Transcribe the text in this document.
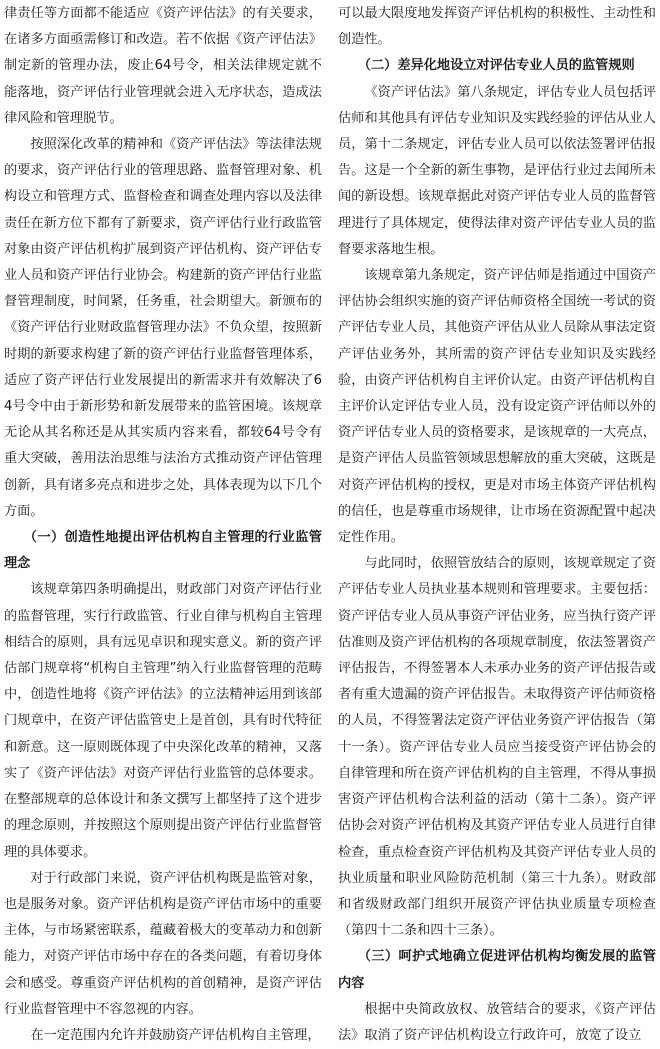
律责任等方面都不能适应《资产评估法》的有关要求，在诸多方面亟需修订和改造。若不依据《资产评估法》制定新的管理办法，废止64号令，相关法律规定就不能落地，资产评估行业管理就会进入无序状态，造成法律风险和管理脱节。

按照深化改革的精神和《资产评估法》等法律法规的要求，资产评估行业的管理思路、监督管理对象、机构设立和管理方式、监督检查和调查处理内容以及法律责任在新方位下都有了新要求，资产评估行业行政监管对象由资产评估机构扩展到资产评估机构、资产评估专业人员和资产评估行业协会。构建新的资产评估行业监督管理制度，时间紧，任务重，社会期望大。新颁布的《资产评估行业财政监督管理办法》不负众望，按照新时期的新要求构建了新的资产评估行业监督管理体系，适应了资产评估行业发展提出的新需求并有效解决了64号令中由于新形势和新发展带来的监管困境。该规章无论从其名称还是从其实质内容来看，都较64号令有重大突破，善用法治思维与法治方式推动资产评估管理创新，具有诸多亮点和进步之处，具体表现为以下几个方面。

（一）创造性地提出评估机构自主管理的行业监管理念

该规章第四条明确提出，财政部门对资产评估行业的监督管理，实行行政监管、行业自律与机构自主管理相结合的原则，具有远见卓识和现实意义。新的资产评估部门规章将“机构自主管理”纳入行业监督管理的范畴中，创造性地将《资产评估法》的立法精神运用到该部门规章中，在资产评估监管史上是首创，具有时代特征和新意。这一原则既体现了中央深化改革的精神，又落实了《资产评估法》对资产评估行业监管的总体要求。在整部规章的总体设计和条文撰写上都坚持了这个进步的理念原则，并按照这个原则提出资产评估行业监督管理的具体要求。

对于行政部门来说，资产评估机构既是监管对象，也是服务对象。资产评估机构是资产评估市场中的重要主体，与市场紧密联系，蕴藏着极大的变革动力和创新能力，对资产评估市场中存在的各类问题，有着切身体会和感受。尊重资产评估机构的首创精神，是资产评估行业监督管理中不容忽视的内容。

在一定范围内允许并鼓励资产评估机构自主管理，

可以最大限度地发挥资产评估机构的积极性、主动性和创造性。

（二）差异化地设立对评估专业人员的监管规则

《资产评估法》第八条规定，评估专业人员包括评估师和其他具有评估专业知识及实践经验的评估从业人员，第十二条规定，评估专业人员可以依法签署评估报告。这是一个全新的新生事物，是评估行业过去闻所未闻的新设想。该规章据此对资产评估专业人员的监督管理进行了具体规定，使得法律对资产评估专业人员的监督要求落地生根。

该规章第九条规定，资产评估师是指通过中国资产评估协会组织实施的资产评估师资格全国统一考试的资产评估专业人员，其他资产评估从业人员除从事法定资产评估业务外，其所需的资产评估专业知识及实践经验，由资产评估机构自主评价认定。由资产评估机构自主评价认定评估专业人员，没有设定资产评估师以外的资产评估专业人员的资格要求，是该规章的一大亮点，是资产评估人员监管领域思想解放的重大突破，这既是对资产评估机构的授权，更是对市场主体资产评估机构的信任，也是尊重市场规律，让市场在资源配置中起决定性作用。

与此同时，依照管放结合的原则，该规章规定了资产评估专业人员执业基本规则和管理要求。主要包括：资产评估专业人员从事资产评估业务，应当执行资产评估准则及资产评估机构的各项规章制度，依法签署资产评估报告，不得签署本人未承办业务的资产评估报告或者有重大遗漏的资产评估报告。未取得资产评估师资格的人员，不得签署法定资产评估业务资产评估报告（第十一条）。资产评估专业人员应当接受资产评估协会的自律管理和所在资产评估机构的自主管理，不得从事损害资产评估机构合法利益的活动（第十二条）。资产评估协会对资产评估机构及其资产评估专业人员进行自律检查，重点检查资产评估机构及其资产评估专业人员的执业质量和职业风险防范机制（第三十九条）。财政部和省级财政部门组织开展资产评估执业质量专项检查（第四十二条和四十三条）。

（三）呵护式地确立促进评估机构均衡发展的监管内容

根据中央简政放权、放管结合的要求，《资产评估法》取消了资产评估机构设立行政许可，放宽了设立
